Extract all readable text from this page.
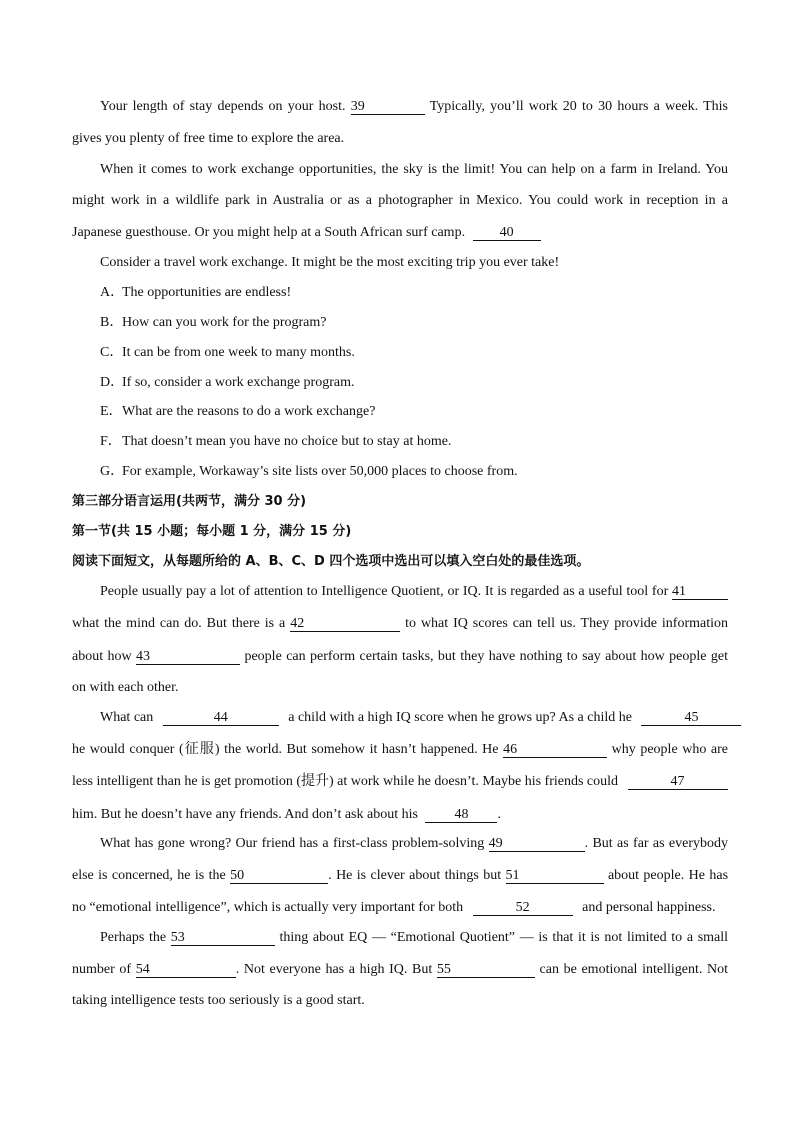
Your length of stay depends on your host. 39	Typically, you’ll work 20 to 30 hours a week. This
gives you plenty of free time to explore the area.
When it comes to work exchange opportunities, the sky is the limit! You can help on a farm in Ireland. You
might work in a wildlife park in Australia or as a photographer in Mexico. You could work in reception in a
Japanese guesthouse. Or you might help at a South African surf camp. 40
Consider a travel work exchange. It might be the most exciting trip you ever take!
A．The opportunities are endless!
B．How can you work for the program?
C．It can be from one week to many months.
D．If so, consider a work exchange program.
E．What are the reasons to do a work exchange?
F．That doesn’t mean you have no choice but to stay at home.
G．For example, Workaway’s site lists over 50,000 places to choose from.
第三部分语言运用(共两节，满分 30 分)
第一节(共 15 小题；每小题 1 分，满分 15 分)
阅读下面短文，从每题所给的 A、B、C、D 四个选项中选出可以填入空白处的最佳选项。
People usually pay a lot of attention to Intelligence Quotient, or IQ. It is regarded as a useful tool for 41
what the mind can do. But there is a 42	to what IQ scores can tell us. They provide information
about how 43	people can perform certain tasks, but they have nothing to say about how people get
on with each other.
What can	44	a child with a high IQ score when he grows up? As a child he	45
he would conquer (征服) the world. But somehow it hasn’t happened. He 46	why people who are
less intelligent than he is get promotion (提升) at work while he doesn’t. Maybe his friends could	47
him. But he doesn’t have any friends. And don’t ask about his	48 .
What has gone wrong? Our friend has a first-class problem-solving 49	. But as far as everybody
else is concerned, he is the 50	. He is clever about things but 51	about people. He has
no “emotional intelligence”, which is actually very important for both	52	and personal happiness.
Perhaps the 53	thing about EQ — “Emotional Quotient” — is that it is not limited to a small
number of 54	. Not everyone has a high IQ. But 55	can be emotional intelligent. Not
taking intelligence tests too seriously is a good start.
